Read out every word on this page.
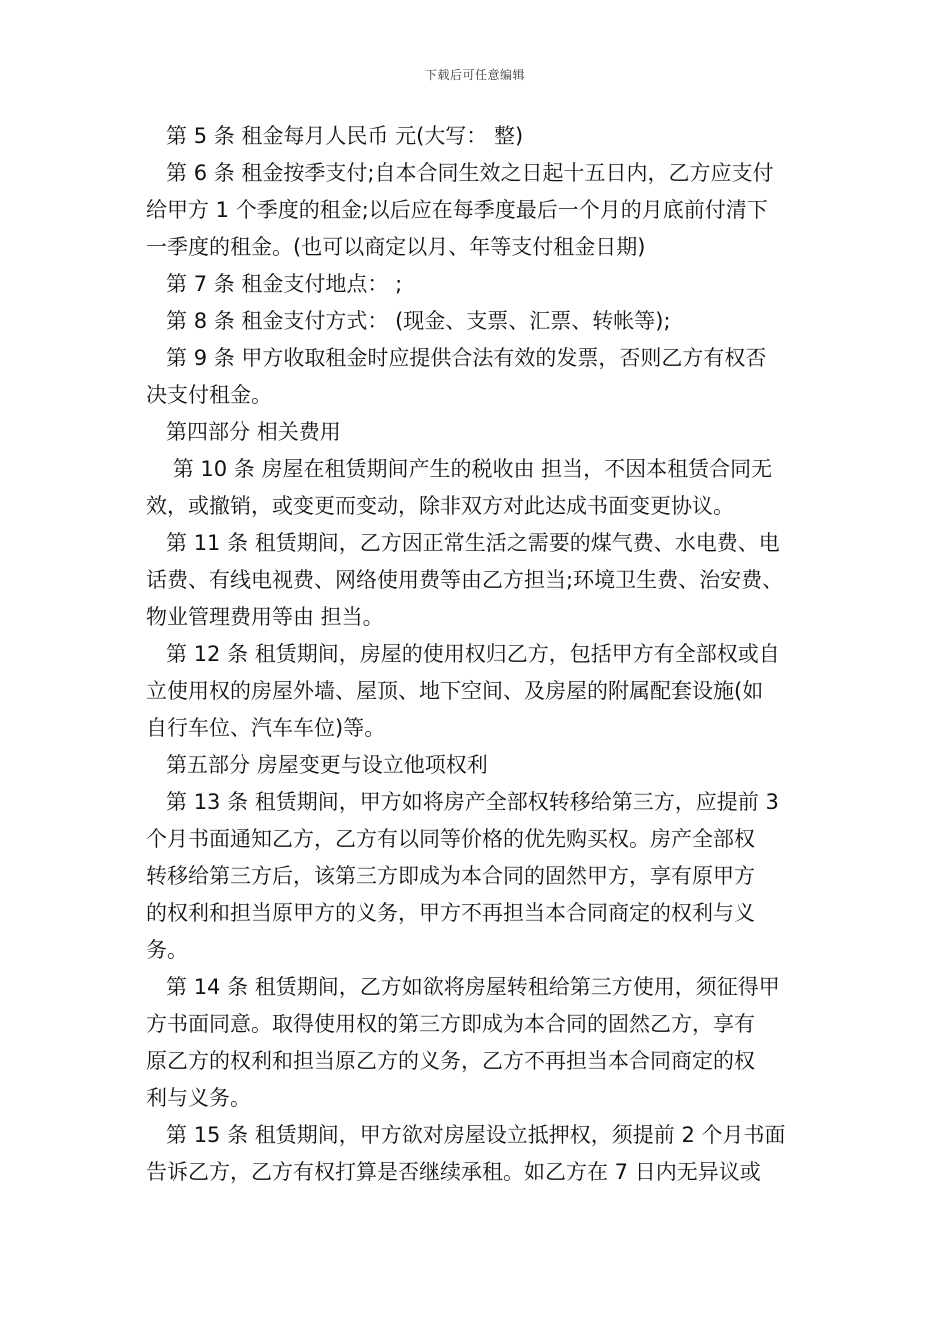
下载后可任意编辑

第 5 条 租金每月人民币 元(大写： 整)

第 6 条 租金按季支付;自本合同生效之日起十五日内，乙方应支付

给甲方 1 个季度的租金;以后应在每季度最后一个月的月底前付清下

一季度的租金。(也可以商定以月、年等支付租金日期)

第 7 条 租金支付地点： ;

第 8 条 租金支付方式： (现金、支票、汇票、转帐等);

第 9 条 甲方收取租金时应提供合法有效的发票，否则乙方有权否

决支付租金。

第四部分 相关费用

第 10 条 房屋在租赁期间产生的税收由 担当，不因本租赁合同无

效，或撤销，或变更而变动，除非双方对此达成书面变更协议。

第 11 条 租赁期间，乙方因正常生活之需要的煤气费、水电费、电

话费、有线电视费、网络使用费等由乙方担当;环境卫生费、治安费、

物业管理费用等由 担当。

第 12 条 租赁期间，房屋的使用权归乙方，包括甲方有全部权或自

立使用权的房屋外墙、屋顶、地下空间、及房屋的附属配套设施(如

自行车位、汽车车位)等。

第五部分 房屋变更与设立他项权利

第 13 条 租赁期间，甲方如将房产全部权转移给第三方，应提前 3

个月书面通知乙方，乙方有以同等价格的优先购买权。房产全部权

转移给第三方后，该第三方即成为本合同的固然甲方，享有原甲方

的权利和担当原甲方的义务，甲方不再担当本合同商定的权利与义

务。

第 14 条 租赁期间，乙方如欲将房屋转租给第三方使用，须征得甲

方书面同意。取得使用权的第三方即成为本合同的固然乙方，享有

原乙方的权利和担当原乙方的义务，乙方不再担当本合同商定的权

利与义务。

第 15 条 租赁期间，甲方欲对房屋设立抵押权，须提前 2 个月书面

告诉乙方，乙方有权打算是否继续承租。如乙方在 7 日内无异议或
